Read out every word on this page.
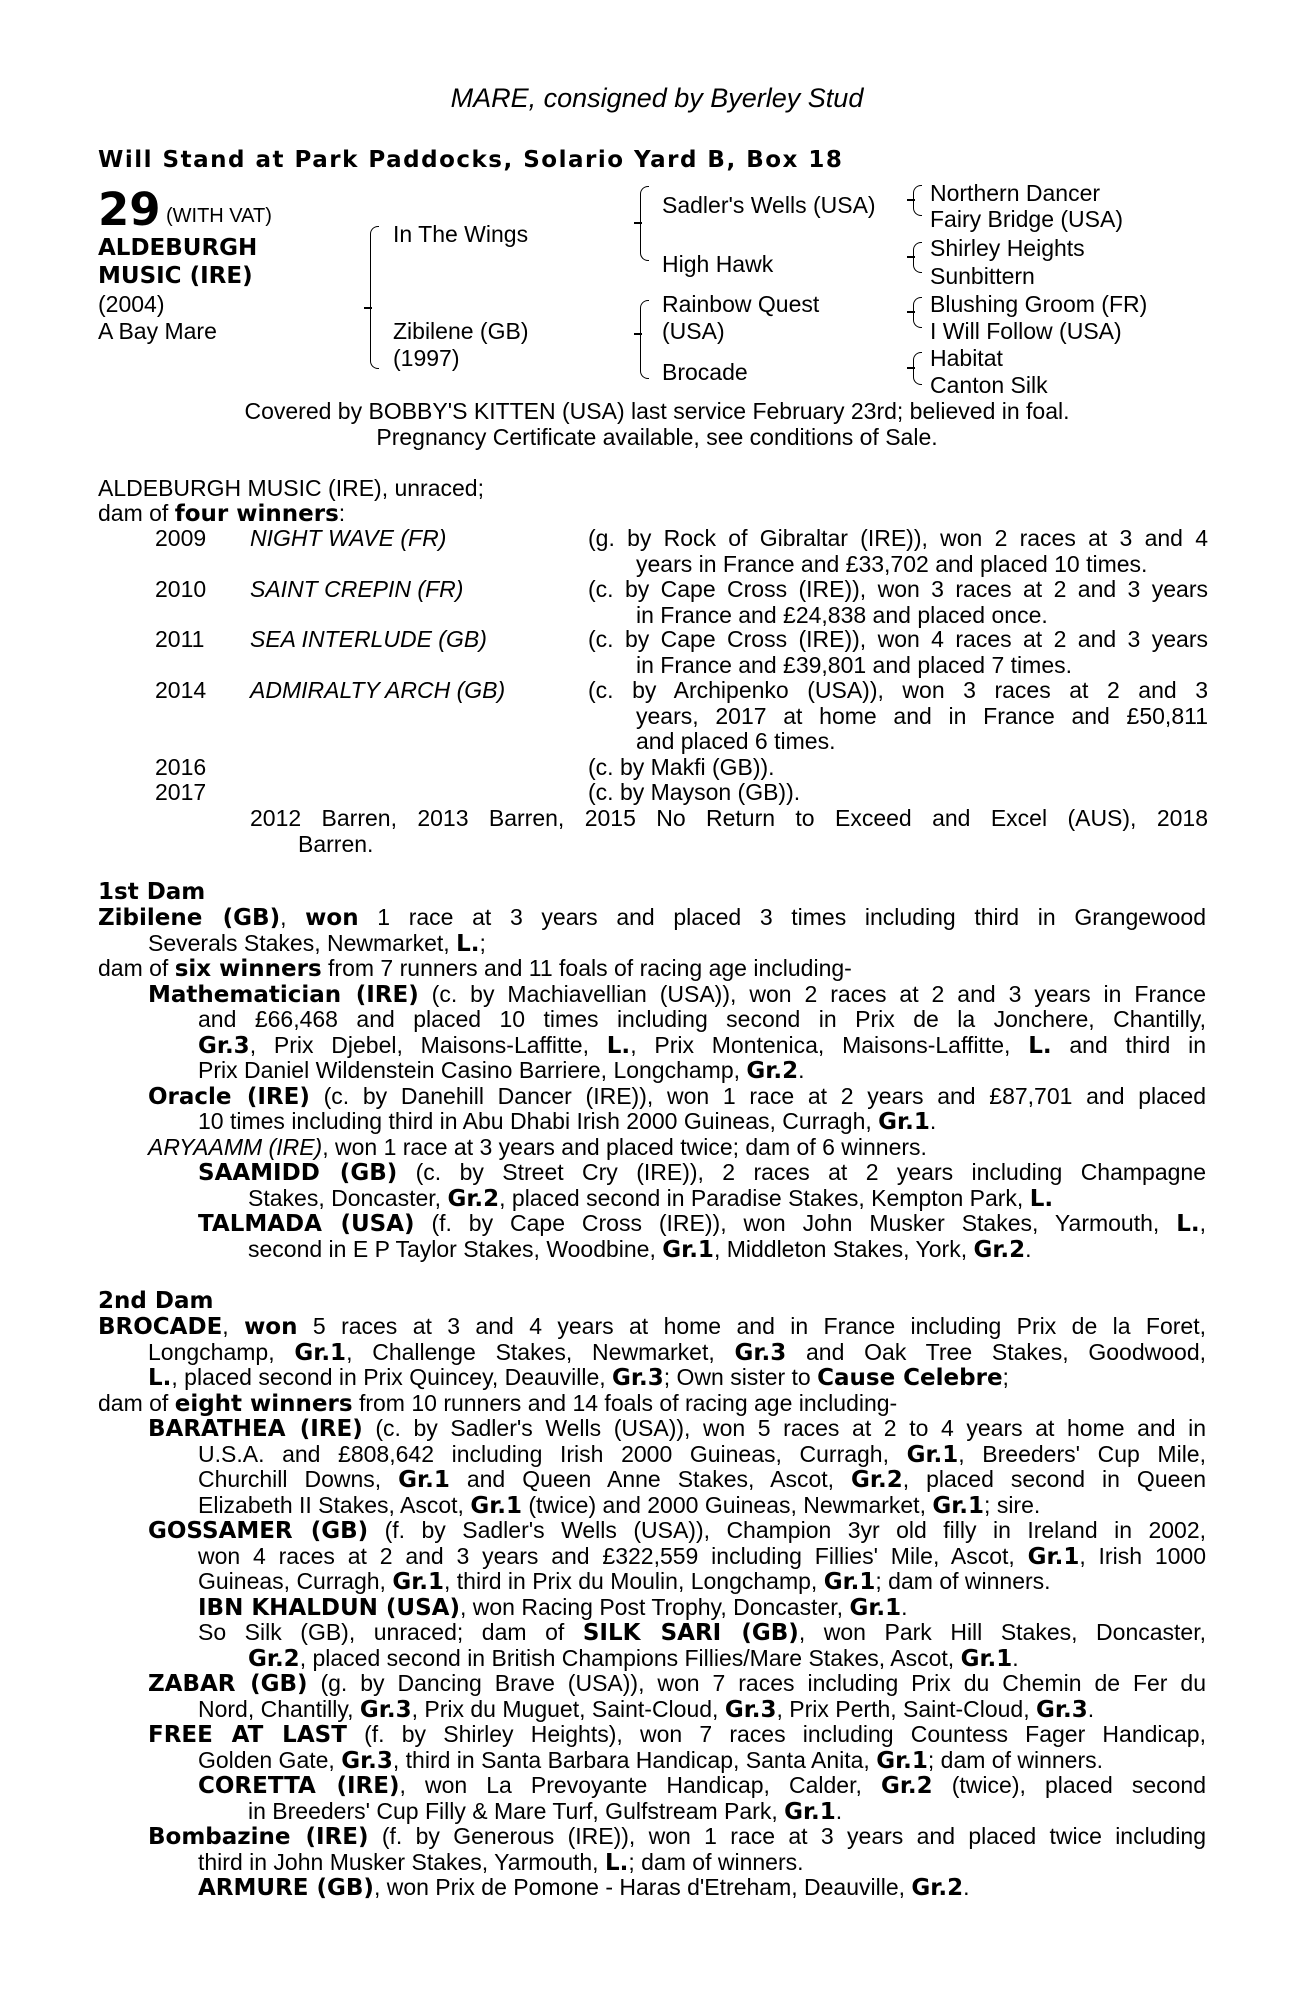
MARE, consigned by Byerley Stud
Will Stand at Park Paddocks, Solario Yard B, Box 18
29 (WITH VAT)
ALDEBURGH
MUSIC (IRE)
(2004)
A Bay Mare
In The Wings
Zibilene (GB)
(1997)
Sadler's Wells (USA)
High Hawk
Rainbow Quest
(USA)
Brocade
Northern Dancer
Fairy Bridge (USA)
Shirley Heights
Sunbittern
Blushing Groom (FR)
I Will Follow (USA)
Habitat
Canton Silk
Covered by BOBBY'S KITTEN (USA) last service February 23rd; believed in foal.
Pregnancy Certificate available, see conditions of Sale.
ALDEBURGH MUSIC (IRE), unraced;
dam of four winners:
2009 NIGHT WAVE (FR)	(g. by Rock of Gibraltar (IRE)), won 2 races at 3 and 4
years in France and £33,702 and placed 10 times.
2010 SAINT CREPIN (FR)	(c. by Cape Cross (IRE)), won 3 races at 2 and 3 years
in France and £24,838 and placed once.
2011 SEA INTERLUDE (GB)	(c. by Cape Cross (IRE)), won 4 races at 2 and 3 years
in France and £39,801 and placed 7 times.
2014 ADMIRALTY ARCH (GB)	(c. by Archipenko (USA)), won 3 races at 2 and 3
years, 2017 at home and in France and £50,811
and placed 6 times.
2016	(c. by Makfi (GB)).
2017	(c. by Mayson (GB)).
2012 Barren, 2013 Barren, 2015 No Return to Exceed and Excel (AUS), 2018
Barren.
1st Dam
Zibilene (GB), won 1 race at 3 years and placed 3 times including third in Grangewood
Severals Stakes, Newmarket, L.;
dam of six winners from 7 runners and 11 foals of racing age including-
Mathematician (IRE) (c. by Machiavellian (USA)), won 2 races at 2 and 3 years in France
and £66,468 and placed 10 times including second in Prix de la Jonchere, Chantilly,
Gr.3, Prix Djebel, Maisons-Laffitte, L., Prix Montenica, Maisons-Laffitte, L. and third in
Prix Daniel Wildenstein Casino Barriere, Longchamp, Gr.2.
Oracle (IRE) (c. by Danehill Dancer (IRE)), won 1 race at 2 years and £87,701 and placed
10 times including third in Abu Dhabi Irish 2000 Guineas, Curragh, Gr.1.
ARYAAMM (IRE), won 1 race at 3 years and placed twice; dam of 6 winners.
SAAMIDD (GB) (c. by Street Cry (IRE)), 2 races at 2 years including Champagne
Stakes, Doncaster, Gr.2, placed second in Paradise Stakes, Kempton Park, L.
TALMADA (USA) (f. by Cape Cross (IRE)), won John Musker Stakes, Yarmouth, L.,
second in E P Taylor Stakes, Woodbine, Gr.1, Middleton Stakes, York, Gr.2.
2nd Dam
BROCADE, won 5 races at 3 and 4 years at home and in France including Prix de la Foret,
Longchamp, Gr.1, Challenge Stakes, Newmarket, Gr.3 and Oak Tree Stakes, Goodwood,
L., placed second in Prix Quincey, Deauville, Gr.3; Own sister to Cause Celebre;
dam of eight winners from 10 runners and 14 foals of racing age including-
BARATHEA (IRE) (c. by Sadler's Wells (USA)), won 5 races at 2 to 4 years at home and in
U.S.A. and £808,642 including Irish 2000 Guineas, Curragh, Gr.1, Breeders' Cup Mile,
Churchill Downs, Gr.1 and Queen Anne Stakes, Ascot, Gr.2, placed second in Queen
Elizabeth II Stakes, Ascot, Gr.1 (twice) and 2000 Guineas, Newmarket, Gr.1; sire.
GOSSAMER (GB) (f. by Sadler's Wells (USA)), Champion 3yr old filly in Ireland in 2002,
won 4 races at 2 and 3 years and £322,559 including Fillies' Mile, Ascot, Gr.1, Irish 1000
Guineas, Curragh, Gr.1, third in Prix du Moulin, Longchamp, Gr.1; dam of winners.
IBN KHALDUN (USA), won Racing Post Trophy, Doncaster, Gr.1.
So Silk (GB), unraced; dam of SILK SARI (GB), won Park Hill Stakes, Doncaster,
Gr.2, placed second in British Champions Fillies/Mare Stakes, Ascot, Gr.1.
ZABAR (GB) (g. by Dancing Brave (USA)), won 7 races including Prix du Chemin de Fer du
Nord, Chantilly, Gr.3, Prix du Muguet, Saint-Cloud, Gr.3, Prix Perth, Saint-Cloud, Gr.3.
FREE AT LAST (f. by Shirley Heights), won 7 races including Countess Fager Handicap,
Golden Gate, Gr.3, third in Santa Barbara Handicap, Santa Anita, Gr.1; dam of winners.
CORETTA (IRE), won La Prevoyante Handicap, Calder, Gr.2 (twice), placed second
in Breeders' Cup Filly & Mare Turf, Gulfstream Park, Gr.1.
Bombazine (IRE) (f. by Generous (IRE)), won 1 race at 3 years and placed twice including
third in John Musker Stakes, Yarmouth, L.; dam of winners.
ARMURE (GB), won Prix de Pomone - Haras d'Etreham, Deauville, Gr.2.
